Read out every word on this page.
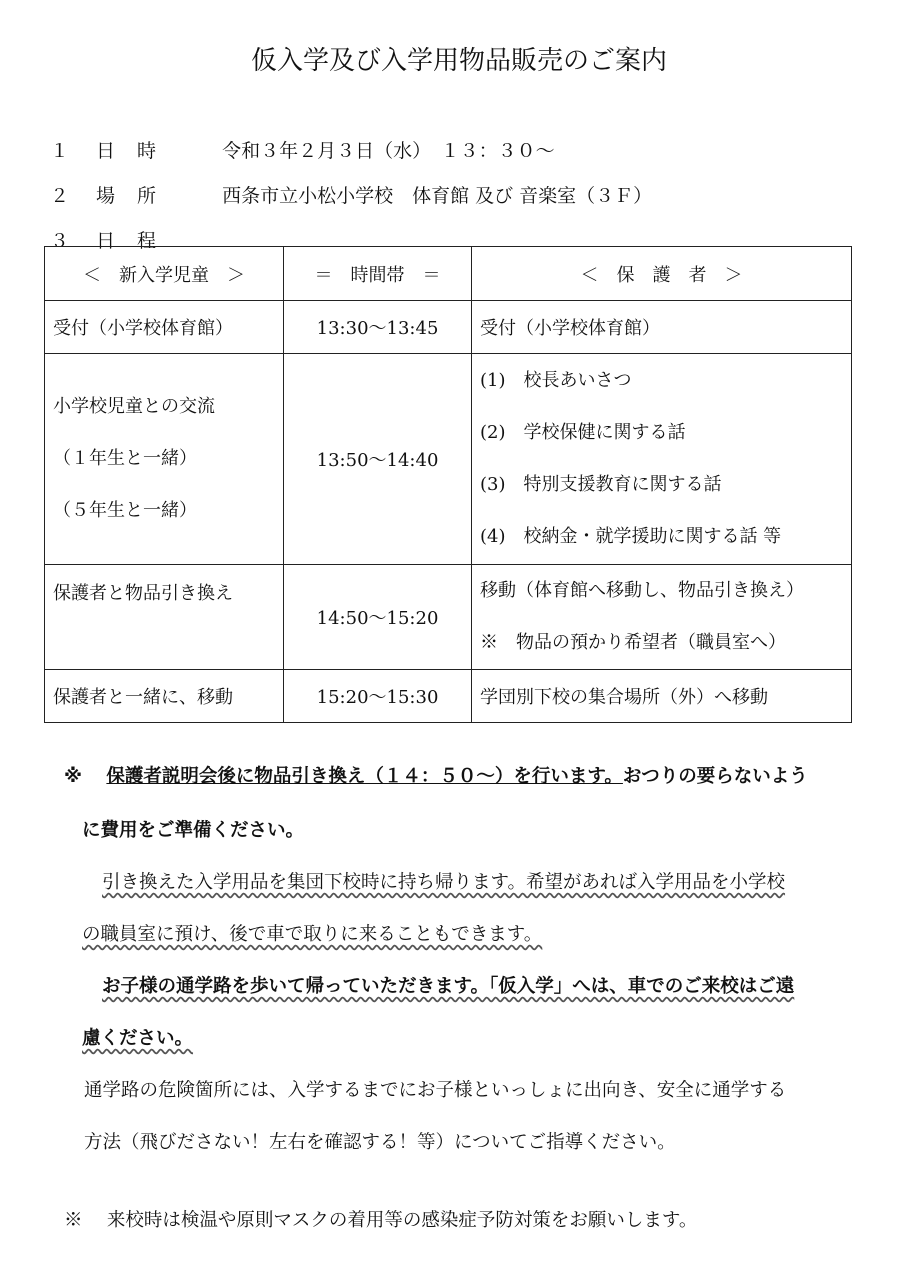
仮入学及び入学用物品販売のご案内
１ 日時 令和３年２月３日（水）　１３：３０～
２ 場所 西条市立小松小学校　体育館 及び 音楽室（３Ｆ）
３ 日程
＜　新入学児童　＞	＝　時間帯　＝	＜　保　護　者　＞
受付（小学校体育館）	13:30～13:45	受付（小学校体育館）

小学校児童との交流
（１年生と一緒）
（５年生と一緒）	13:50～14:40	(1)　校長あいさつ
(2)　学校保健に関する話
(3)　特別支援教育に関する話
(4)　校納金・就学援助に関する話 等

保護者と物品引き換え	14:50～15:20	移動（体育館へ移動し、物品引き換え）
※　物品の預かり希望者（職員室へ）

保護者と一緒に、移動	15:20～15:30	学団別下校の集合場所（外）へ移動
※　 保護者説明会後に物品引き換え（１４：５０～）を行います。おつりの要らないよう
に費用をご準備ください。
引き換えた入学用品を集団下校時に持ち帰ります。希望があれば入学用品を小学校
の職員室に預け、後で車で取りに来ることもできます。
お子様の通学路を歩いて帰っていただきます。「仮入学」へは、車でのご来校はご遠
慮ください。
通学路の危険箇所には、入学するまでにお子様といっしょに出向き、安全に通学する
方法（飛びださない！左右を確認する！等）についてご指導ください。
※　 来校時は検温や原則マスクの着用等の感染症予防対策をお願いします。
